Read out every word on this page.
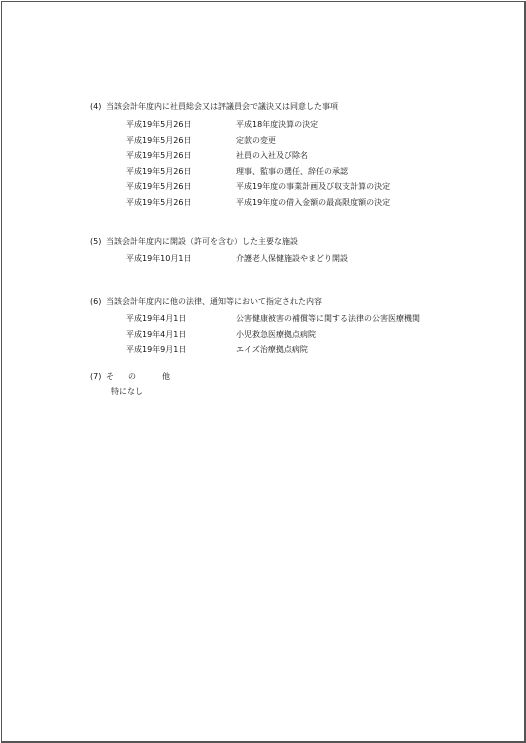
(4) 当該会計年度内に社員総会又は評議員会で議決又は同意した事項
平成19年5月26日	平成18年度決算の決定
平成19年5月26日	定款の変更
平成19年5月26日	社員の入社及び除名
平成19年5月26日	理事、監事の選任、辞任の承認
平成19年5月26日	平成19年度の事業計画及び収支計算の決定
平成19年5月26日	平成19年度の借入金額の最高限度額の決定
(5) 当該会計年度内に開設（許可を含む）した主要な施設
平成19年10月1日	介護老人保健施設やまどり開設
(6) 当該会計年度内に他の法律、通知等において指定された内容
平成19年4月1日	公害健康被害の補償等に関する法律の公害医療機関
平成19年4月1日	小児救急医療拠点病院
平成19年9月1日	エイズ治療拠点病院
(7) そ の	他
特になし
